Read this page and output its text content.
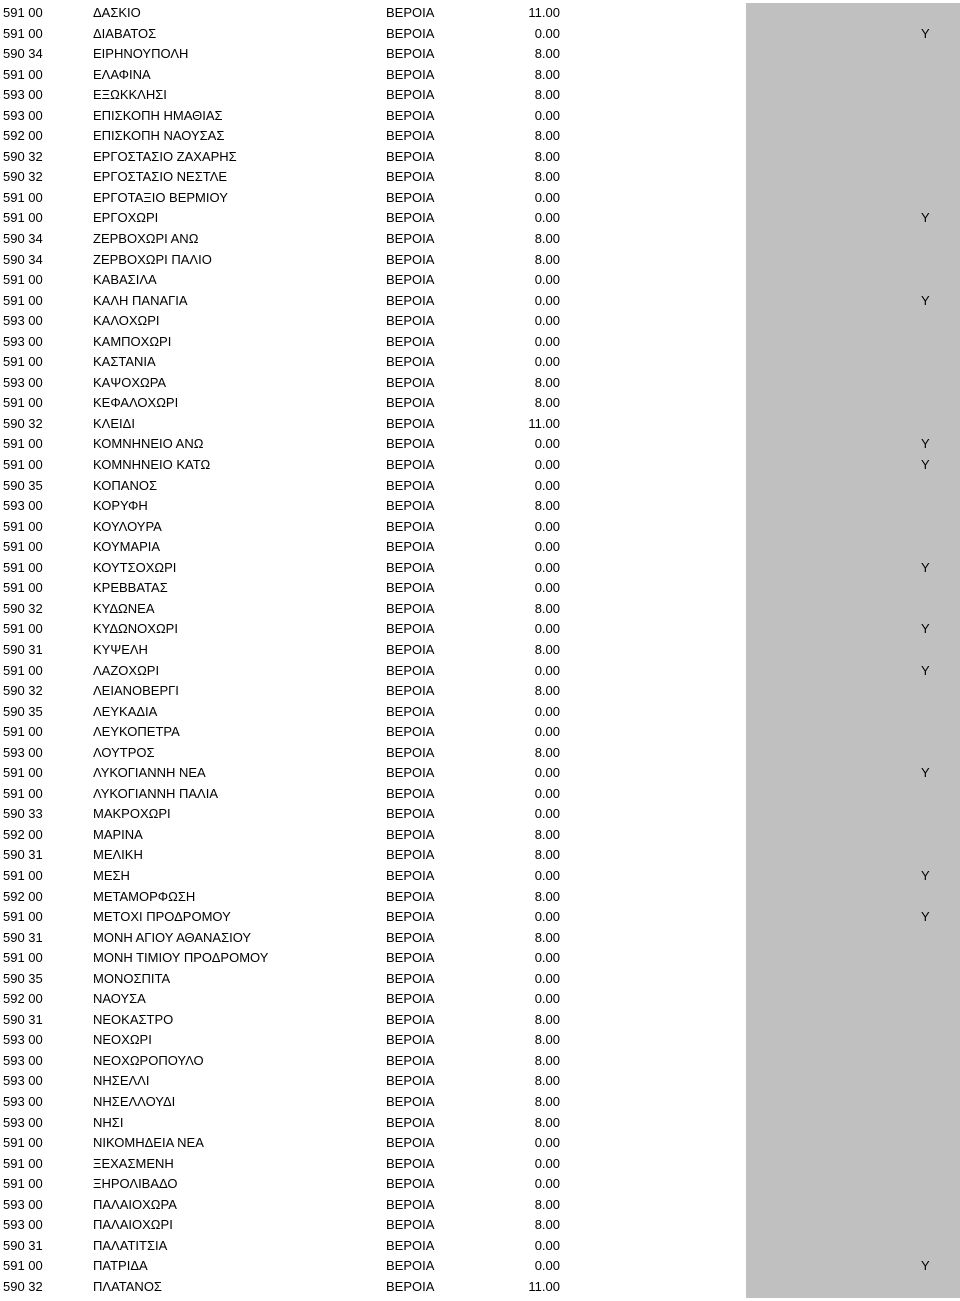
591 00	ΔΑΣΚΙΟ	ΒΕΡΟΙΑ	11.00
591 00	ΔΙΑΒΑΤΟΣ	ΒΕΡΟΙΑ	0.00	Y
590 34	ΕΙΡΗΝΟΥΠΟΛΗ	ΒΕΡΟΙΑ	8.00
591 00	ΕΛΑΦΙΝΑ	ΒΕΡΟΙΑ	8.00
593 00	ΕΞΩΚΚΛΗΣΙ	ΒΕΡΟΙΑ	8.00
593 00	ΕΠΙΣΚΟΠΗ ΗΜΑΘΙΑΣ	ΒΕΡΟΙΑ	0.00
592 00	ΕΠΙΣΚΟΠΗ ΝΑΟΥΣΑΣ	ΒΕΡΟΙΑ	8.00
590 32	ΕΡΓΟΣΤΑΣΙΟ ΖΑΧΑΡΗΣ	ΒΕΡΟΙΑ	8.00
590 32	ΕΡΓΟΣΤΑΣΙΟ ΝΕΣΤΛΕ	ΒΕΡΟΙΑ	8.00
591 00	ΕΡΓΟΤΑΞΙΟ ΒΕΡΜΙΟΥ	ΒΕΡΟΙΑ	0.00
591 00	ΕΡΓΟΧΩΡΙ	ΒΕΡΟΙΑ	0.00	Y
590 34	ΖΕΡΒΟΧΩΡΙ ΑΝΩ	ΒΕΡΟΙΑ	8.00
590 34	ΖΕΡΒΟΧΩΡΙ ΠΑΛΙΟ	ΒΕΡΟΙΑ	8.00
591 00	ΚΑΒΑΣΙΛΑ	ΒΕΡΟΙΑ	0.00
591 00	ΚΑΛΗ ΠΑΝΑΓΙΑ	ΒΕΡΟΙΑ	0.00	Y
593 00	ΚΑΛΟΧΩΡΙ	ΒΕΡΟΙΑ	0.00
593 00	ΚΑΜΠΟΧΩΡΙ	ΒΕΡΟΙΑ	0.00
591 00	ΚΑΣΤΑΝΙΑ	ΒΕΡΟΙΑ	0.00
593 00	ΚΑΨΟΧΩΡΑ	ΒΕΡΟΙΑ	8.00
591 00	ΚΕΦΑΛΟΧΩΡΙ	ΒΕΡΟΙΑ	8.00
590 32	ΚΛΕΙΔΙ	ΒΕΡΟΙΑ	11.00
591 00	ΚΟΜΝΗΝΕΙΟ ΑΝΩ	ΒΕΡΟΙΑ	0.00	Y
591 00	ΚΟΜΝΗΝΕΙΟ ΚΑΤΩ	ΒΕΡΟΙΑ	0.00	Y
590 35	ΚΟΠΑΝΟΣ	ΒΕΡΟΙΑ	0.00
593 00	ΚΟΡΥΦΗ	ΒΕΡΟΙΑ	8.00
591 00	ΚΟΥΛΟΥΡΑ	ΒΕΡΟΙΑ	0.00
591 00	ΚΟΥΜΑΡΙΑ	ΒΕΡΟΙΑ	0.00
591 00	ΚΟΥΤΣΟΧΩΡΙ	ΒΕΡΟΙΑ	0.00	Y
591 00	ΚΡΕΒΒΑΤΑΣ	ΒΕΡΟΙΑ	0.00
590 32	ΚΥΔΩΝΕΑ	ΒΕΡΟΙΑ	8.00
591 00	ΚΥΔΩΝΟΧΩΡΙ	ΒΕΡΟΙΑ	0.00	Y
590 31	ΚΥΨΕΛΗ	ΒΕΡΟΙΑ	8.00
591 00	ΛΑΖΟΧΩΡΙ	ΒΕΡΟΙΑ	0.00	Y
590 32	ΛΕΙΑΝΟΒΕΡΓΙ	ΒΕΡΟΙΑ	8.00
590 35	ΛΕΥΚΑΔΙΑ	ΒΕΡΟΙΑ	0.00
591 00	ΛΕΥΚΟΠΕΤΡΑ	ΒΕΡΟΙΑ	0.00
593 00	ΛΟΥΤΡΟΣ	ΒΕΡΟΙΑ	8.00
591 00	ΛΥΚΟΓΙΑΝΝΗ ΝΕΑ	ΒΕΡΟΙΑ	0.00	Y
591 00	ΛΥΚΟΓΙΑΝΝΗ ΠΑΛΙΑ	ΒΕΡΟΙΑ	0.00
590 33	ΜΑΚΡΟΧΩΡΙ	ΒΕΡΟΙΑ	0.00
592 00	ΜΑΡΙΝΑ	ΒΕΡΟΙΑ	8.00
590 31	ΜΕΛΙΚΗ	ΒΕΡΟΙΑ	8.00
591 00	ΜΕΣΗ	ΒΕΡΟΙΑ	0.00	Y
592 00	ΜΕΤΑΜΟΡΦΩΣΗ	ΒΕΡΟΙΑ	8.00
591 00	ΜΕΤΟΧΙ ΠΡΟΔΡΟΜΟΥ	ΒΕΡΟΙΑ	0.00	Y
590 31	ΜΟΝΗ ΑΓΙΟΥ ΑΘΑΝΑΣΙΟΥ	ΒΕΡΟΙΑ	8.00
591 00	ΜΟΝΗ ΤΙΜΙΟΥ ΠΡΟΔΡΟΜΟΥ	ΒΕΡΟΙΑ	0.00
590 35	ΜΟΝΟΣΠΙΤΑ	ΒΕΡΟΙΑ	0.00
592 00	ΝΑΟΥΣΑ	ΒΕΡΟΙΑ	0.00
590 31	ΝΕΟΚΑΣΤΡΟ	ΒΕΡΟΙΑ	8.00
593 00	ΝΕΟΧΩΡΙ	ΒΕΡΟΙΑ	8.00
593 00	ΝΕΟΧΩΡΟΠΟΥΛΟ	ΒΕΡΟΙΑ	8.00
593 00	ΝΗΣΕΛΛΙ	ΒΕΡΟΙΑ	8.00
593 00	ΝΗΣΕΛΛΟΥΔΙ	ΒΕΡΟΙΑ	8.00
593 00	ΝΗΣΙ	ΒΕΡΟΙΑ	8.00
591 00	ΝΙΚΟΜΗΔΕΙΑ ΝΕΑ	ΒΕΡΟΙΑ	0.00
591 00	ΞΕΧΑΣΜΕΝΗ	ΒΕΡΟΙΑ	0.00
591 00	ΞΗΡΟΛΙΒΑΔΟ	ΒΕΡΟΙΑ	0.00
593 00	ΠΑΛΑΙΟΧΩΡΑ	ΒΕΡΟΙΑ	8.00
593 00	ΠΑΛΑΙΟΧΩΡΙ	ΒΕΡΟΙΑ	8.00
590 31	ΠΑΛΑΤΙΤΣΙΑ	ΒΕΡΟΙΑ	0.00
591 00	ΠΑΤΡΙΔΑ	ΒΕΡΟΙΑ	0.00	Y
590 32	ΠΛΑΤΑΝΟΣ	ΒΕΡΟΙΑ	11.00
